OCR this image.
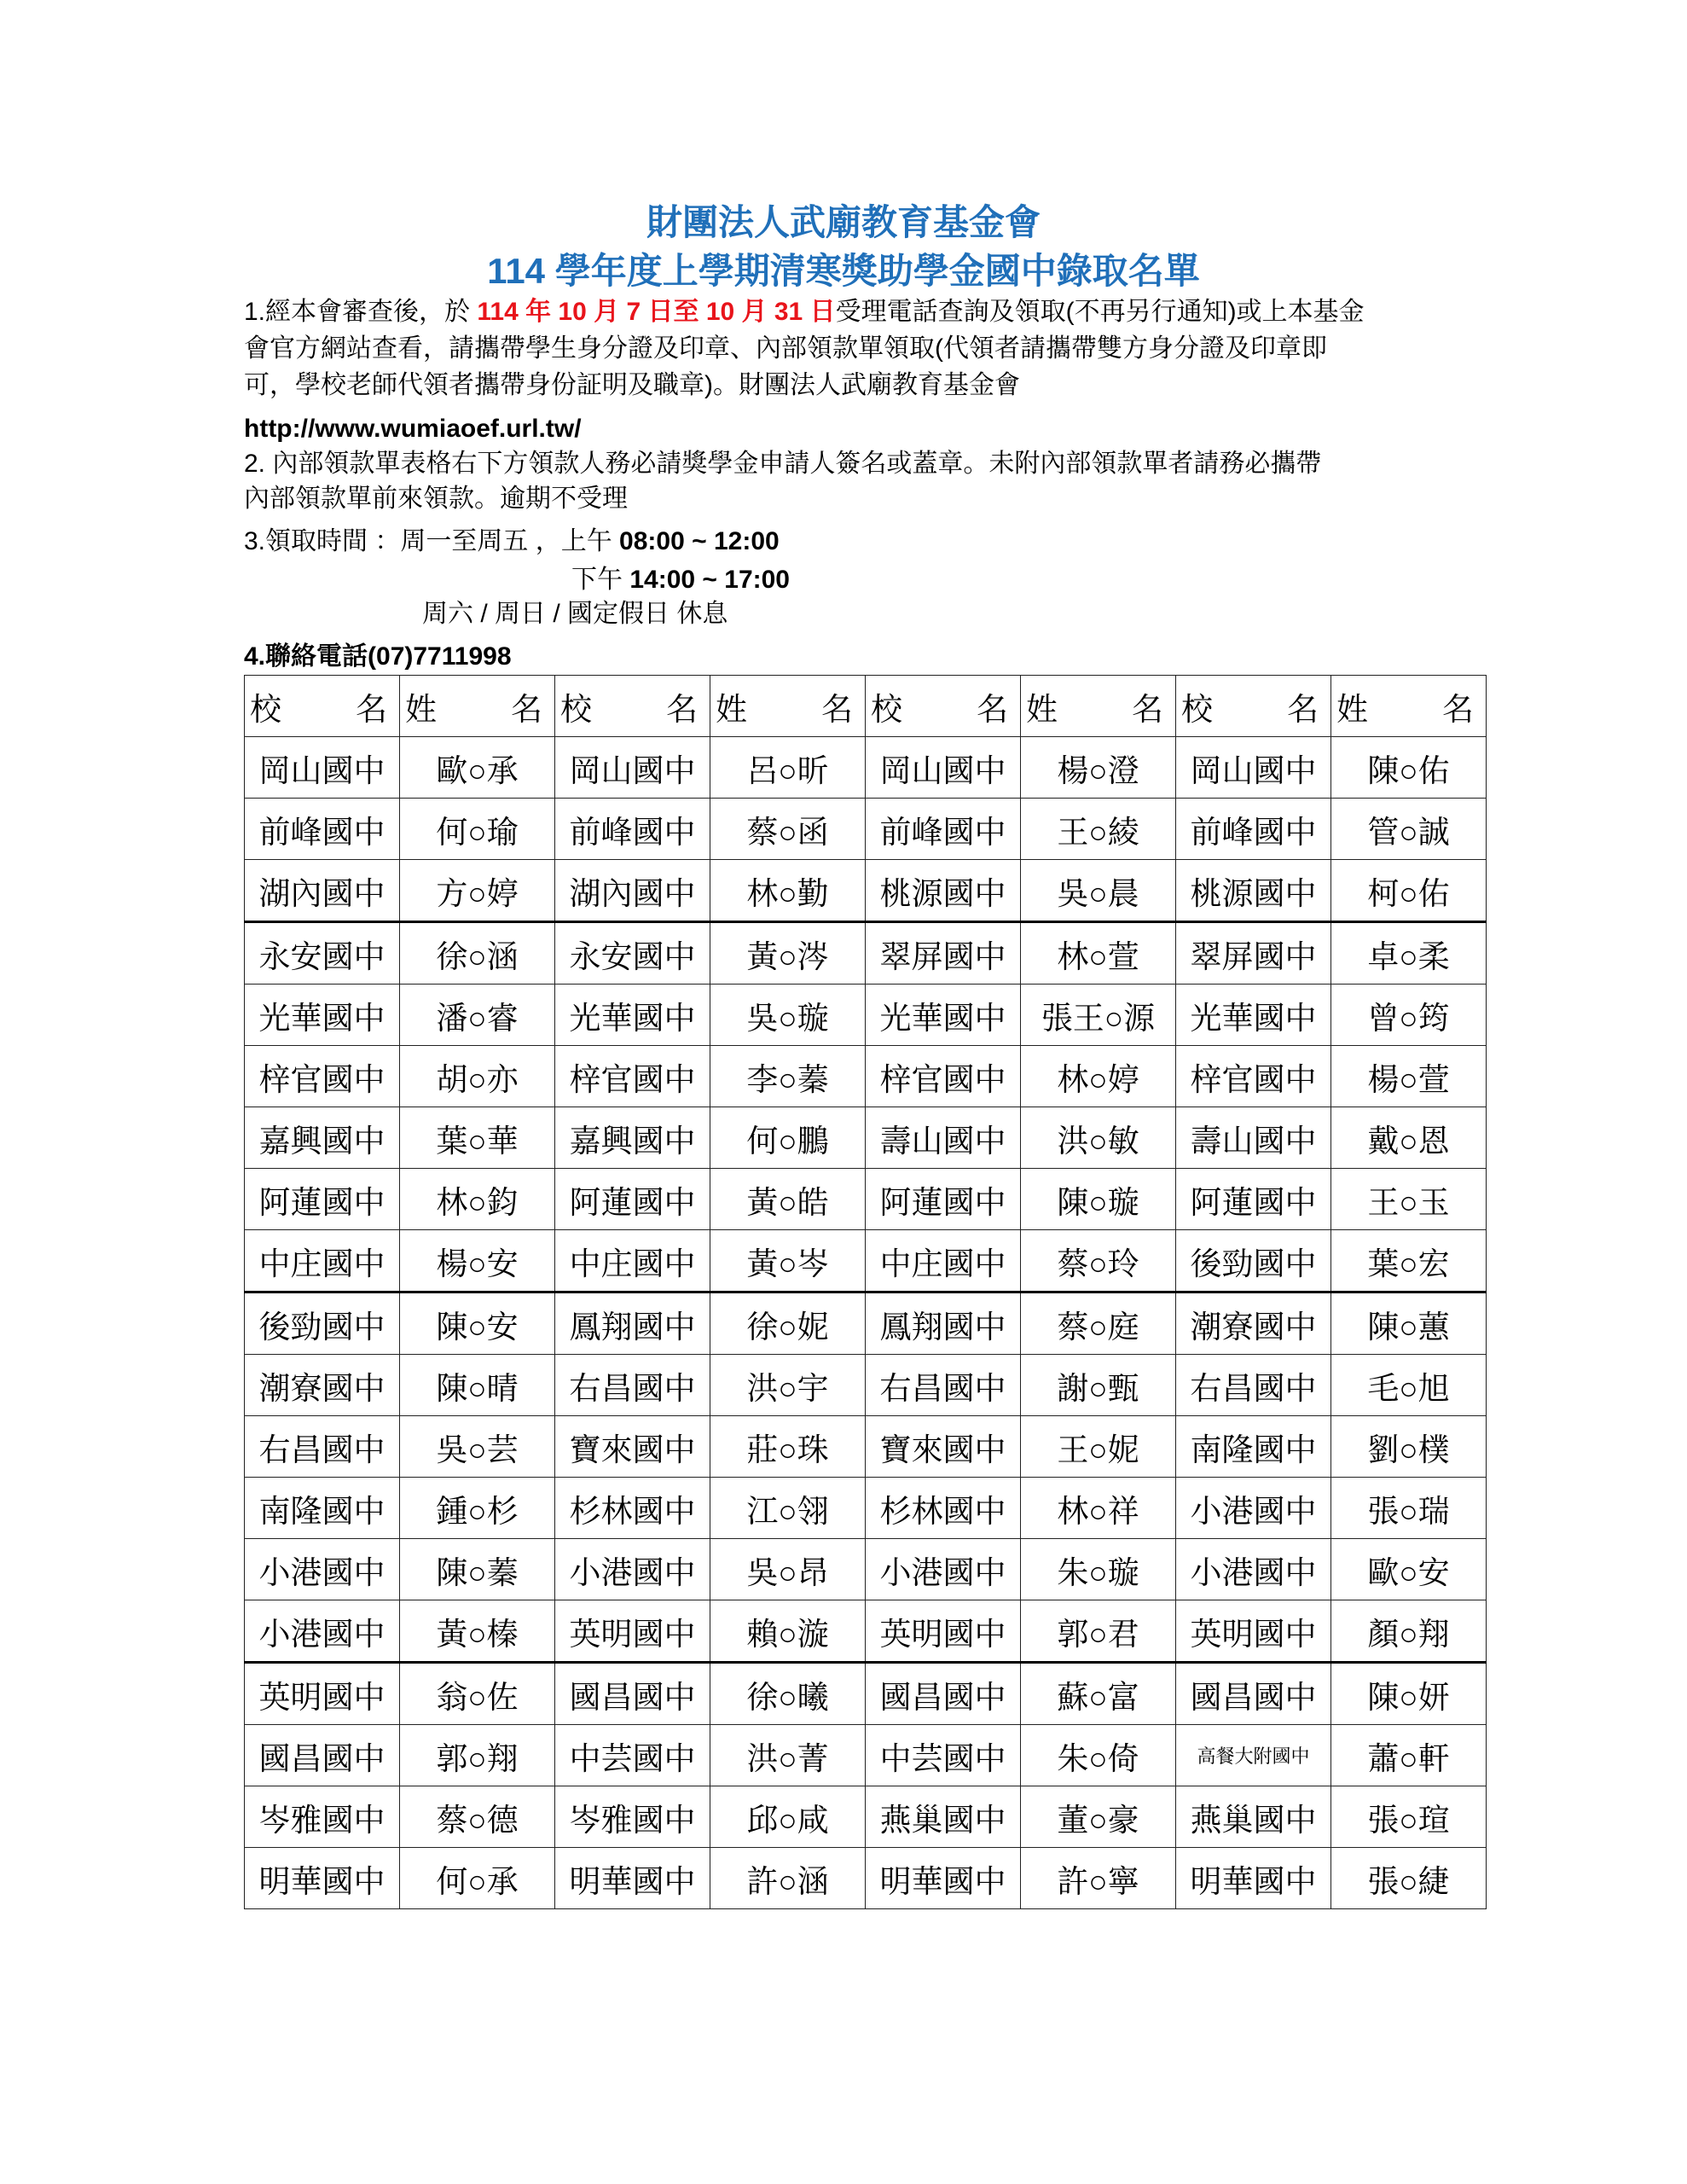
財團法人武廟教育基金會
114 學年度上學期清寒獎助學金國中錄取名單
1.經本會審查後，於 114 年 10 月 7 日至 10 月 31 日受理電話查詢及領取(不再另行通知)或上本基金
會官方網站查看，請攜帶學生身分證及印章、內部領款單領取(代領者請攜帶雙方身分證及印章即
可，學校老師代領者攜帶身份証明及職章)。財團法人武廟教育基金會
http://www.wumiaoef.url.tw/
2. 內部領款單表格右下方領款人務必請獎學金申請人簽名或蓋章。未附內部領款單者請務必攜帶
內部領款單前來領款。逾期不受理
3.領取時間 ：周一至周五 ，上午 08:00 ~ 12:00
下午 14:00 ~ 17:00
周六 / 周日 / 國定假日 休息
4.聯絡電話(07)7711998
校 名	姓 名	校 名	姓 名	校 名	姓 名	校 名	姓 名

岡山國中	歐○承	岡山國中	呂○昕	岡山國中	楊○澄	岡山國中	陳○佑
前峰國中	何○瑜	前峰國中	蔡○函	前峰國中	王○綾	前峰國中	管○誠
湖內國中	方○婷	湖內國中	林○勤	桃源國中	吳○晨	桃源國中	柯○佑
永安國中	徐○涵	永安國中	黃○涔	翠屏國中	林○萱	翠屏國中	卓○柔
光華國中	潘○睿	光華國中	吳○璇	光華國中	張王○源	光華國中	曾○筠
梓官國中	胡○亦	梓官國中	李○蓁	梓官國中	林○婷	梓官國中	楊○萱
嘉興國中	葉○華	嘉興國中	何○鵬	壽山國中	洪○敏	壽山國中	戴○恩
阿蓮國中	林○鈞	阿蓮國中	黃○皓	阿蓮國中	陳○璇	阿蓮國中	王○玉
中庄國中	楊○安	中庄國中	黃○岑	中庄國中	蔡○玲	後勁國中	葉○宏
後勁國中	陳○安	鳳翔國中	徐○妮	鳳翔國中	蔡○庭	潮寮國中	陳○蕙
潮寮國中	陳○晴	右昌國中	洪○宇	右昌國中	謝○甄	右昌國中	毛○旭
右昌國中	吳○芸	寶來國中	莊○珠	寶來國中	王○妮	南隆國中	劉○樸
南隆國中	鍾○杉	杉林國中	江○翎	杉林國中	林○祥	小港國中	張○瑞
小港國中	陳○蓁	小港國中	吳○昂	小港國中	朱○璇	小港國中	歐○安
小港國中	黃○榛	英明國中	賴○漩	英明國中	郭○君	英明國中	顏○翔
英明國中	翁○佐	國昌國中	徐○曦	國昌國中	蘇○富	國昌國中	陳○妍
國昌國中	郭○翔	中芸國中	洪○菁	中芸國中	朱○倚	高餐大附國中	蕭○軒
岑雅國中	蔡○德	岑雅國中	邱○咸	燕巢國中	董○豪	燕巢國中	張○瑄
明華國中	何○承	明華國中	許○涵	明華國中	許○寧	明華國中	張○緁
